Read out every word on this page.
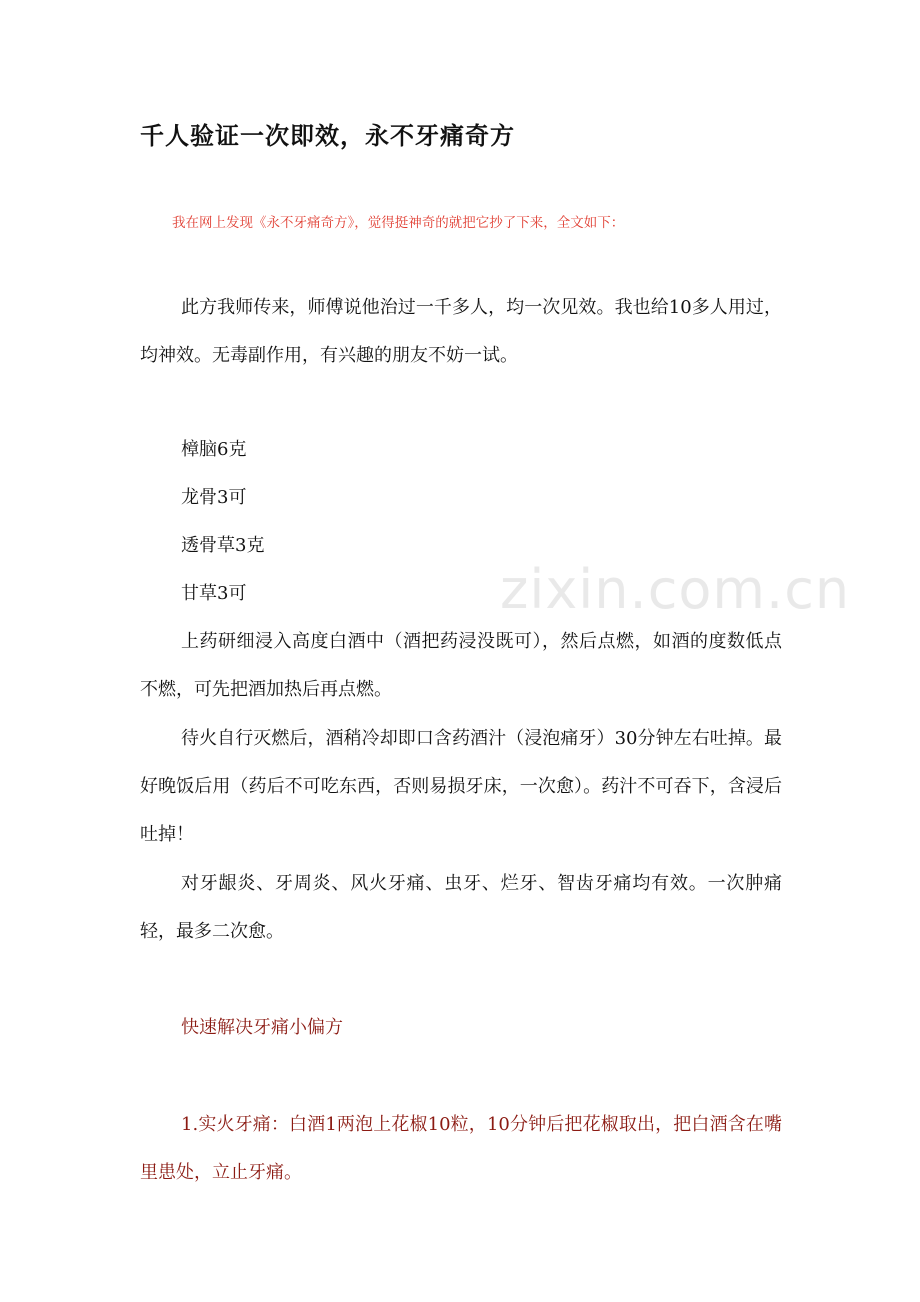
zixin.com.cn
千人验证一次即效，永不牙痛奇方
我在网上发现《永不牙痛奇方》，觉得挺神奇的就把它抄了下来，全文如下：

此方我师传来，师傅说他治过一千多人，均一次见效。我也给10多人用过，均神效。无毒副作用，有兴趣的朋友不妨一试。

樟脑6克

龙骨3可

透骨草3克

甘草3可

上药研细浸入高度白酒中（酒把药浸没既可），然后点燃，如酒的度数低点不燃，可先把酒加热后再点燃。

待火自行灭燃后，酒稍冷却即口含药酒汁（浸泡痛牙）30分钟左右吐掉。最好晚饭后用（药后不可吃东西，否则易损牙床，一次愈）。药汁不可吞下，含浸后吐掉！

对牙龈炎、牙周炎、风火牙痛、虫牙、烂牙、智齿牙痛均有效。一次肿痛轻，最多二次愈。

快速解决牙痛小偏方

1.实火牙痛：白酒1两泡上花椒10粒，10分钟后把花椒取出，把白酒含在嘴里患处，立止牙痛。
